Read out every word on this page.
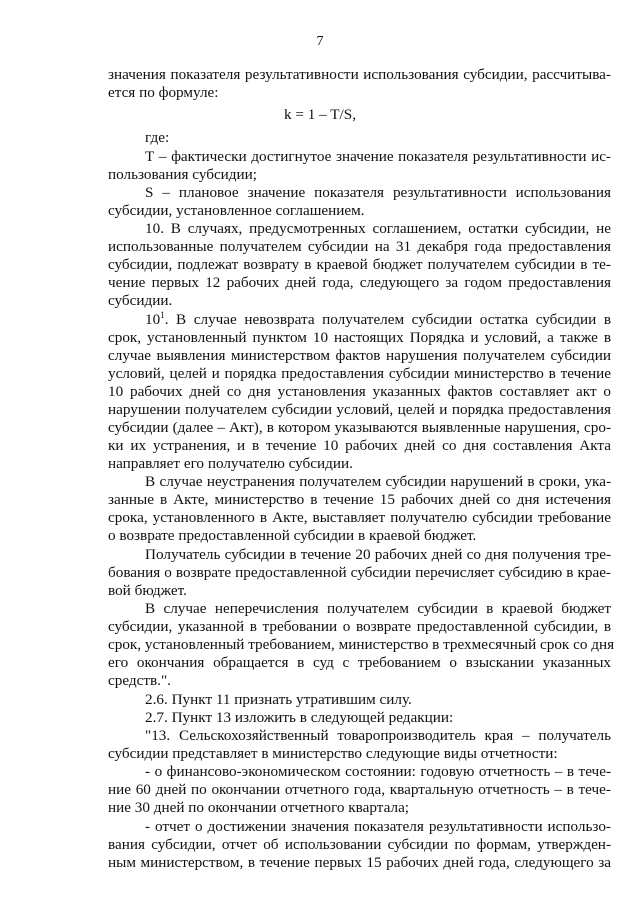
7
значения показателя результативности использования субсидии, рассчитыва-
ется по формуле:
k = 1 – T/S,
где:
Т – фактически достигнутое значение показателя результативности ис-
пользования субсидии;
S – плановое значение показателя результативности использования
субсидии, установленное соглашением.
10. В случаях, предусмотренных соглашением, остатки субсидии, не
использованные получателем субсидии на 31 декабря года предоставления
субсидии, подлежат возврату в краевой бюджет получателем субсидии в те-
чение первых 12 рабочих дней года, следующего за годом предоставления
субсидии.
$10^1$. В случае невозврата получателем субсидии остатка субсидии в
срок, установленный пунктом 10 настоящих Порядка и условий, а также в
случае выявления министерством фактов нарушения получателем субсидии
условий, целей и порядка предоставления субсидии министерство в течение
10 рабочих дней со дня установления указанных фактов составляет акт о
нарушении получателем субсидии условий, целей и порядка предоставления
субсидии (далее – Акт), в котором указываются выявленные нарушения, сро-
ки их устранения, и в течение 10 рабочих дней со дня составления Акта
направляет его получателю субсидии.
В случае неустранения получателем субсидии нарушений в сроки, ука-
занные в Акте, министерство в течение 15 рабочих дней со дня истечения
срока, установленного в Акте, выставляет получателю субсидии требование
о возврате предоставленной субсидии в краевой бюджет.
Получатель субсидии в течение 20 рабочих дней со дня получения тре-
бования о возврате предоставленной субсидии перечисляет субсидию в крае-
вой бюджет.
В случае неперечисления получателем субсидии в краевой бюджет
субсидии, указанной в требовании о возврате предоставленной субсидии, в
срок, установленный требованием, министерство в трехмесячный срок со дня
его окончания обращается в суд с требованием о взыскании указанных
средств.".
2.6. Пункт 11 признать утратившим силу.
2.7. Пункт 13 изложить в следующей редакции:
"13. Сельскохозяйственный товаропроизводитель края – получатель
субсидии представляет в министерство следующие виды отчетности:
- о финансово-экономическом состоянии: годовую отчетность – в тече-
ние 60 дней по окончании отчетного года, квартальную отчетность – в тече-
ние 30 дней по окончании отчетного квартала;
- отчет о достижении значения показателя результативности использо-
вания субсидии, отчет об использовании субсидии по формам, утвержден-
ным министерством, в течение первых 15 рабочих дней года, следующего за
